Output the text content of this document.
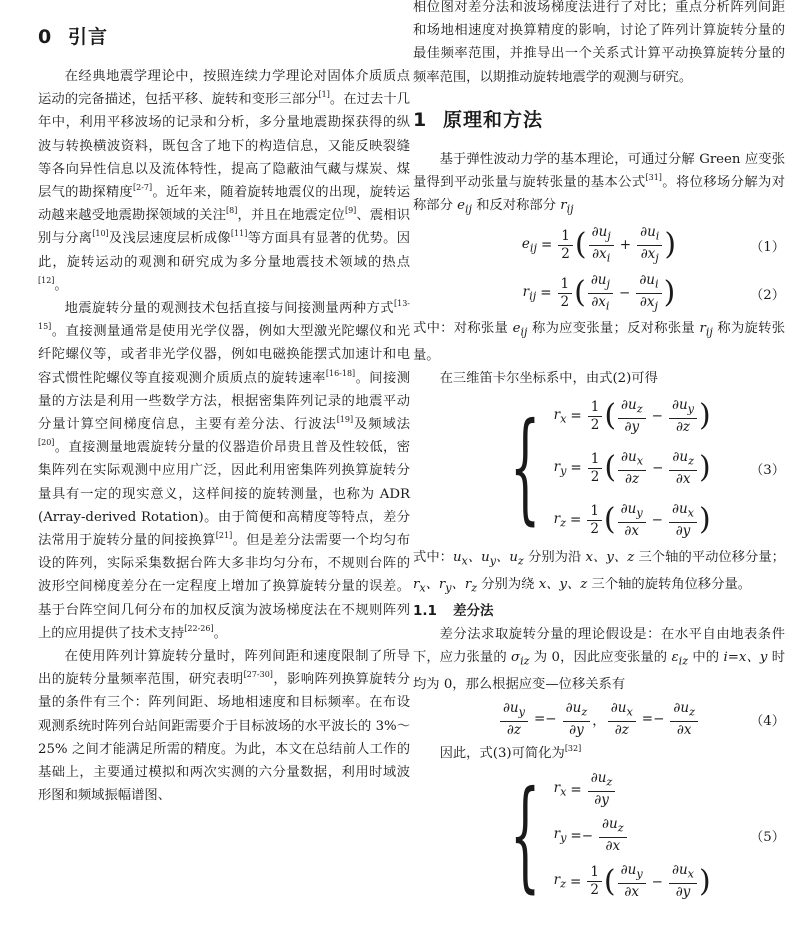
0 引言

在经典地震学理论中，按照连续力学理论对固体介质质点运动的完备描述，包括平移、旋转和变形三部分[1]。在过去十几年中，利用平移波场的记录和分析，多分量地震勘探获得的纵波与转换横波资料，既包含了地下的构造信息，又能反映裂缝等各向异性信息以及流体特性，提高了隐蔽油气藏与煤炭、煤层气的勘探精度[2-7]。近年来，随着旋转地震仪的出现，旋转运动越来越受地震勘探领域的关注[8]，并且在地震定位[9]、震相识别与分离[10]及浅层速度层析成像[11]等方面具有显著的优势。因此，旋转运动的观测和研究成为多分量地震技术领域的热点[12]。

地震旋转分量的观测技术包括直接与间接测量两种方式[13-15]。直接测量通常是使用光学仪器，例如大型激光陀螺仪和光纤陀螺仪等，或者非光学仪器，例如电磁换能摆式加速计和电容式惯性陀螺仪等直接观测介质质点的旋转速率[16-18]。间接测量的方法是利用一些数学方法，根据密集阵列记录的地震平动分量计算空间梯度信息，主要有差分法、行波法[19]及频域法[20]。直接测量地震旋转分量的仪器造价昂贵且普及性较低，密集阵列在实际观测中应用广泛，因此利用密集阵列换算旋转分量具有一定的现实意义，这样间接的旋转测量，也称为 ADR (Array-derived Rotation)。由于简便和高精度等特点，差分法常用于旋转分量的间接换算[21]。但是差分法需要一个均匀布设的阵列，实际采集数据台阵大多非均匀分布，不规则台阵的波形空间梯度差分在一定程度上增加了换算旋转分量的误差。基于台阵空间几何分布的加权反演为波场梯度法在不规则阵列上的应用提供了技术支持[22-26]。

在使用阵列计算旋转分量时，阵列间距和速度限制了所导出的旋转分量频率范围，研究表明[27-30]，影响阵列换算旋转分量的条件有三个：阵列间距、场地相速度和目标频率。在布设观测系统时阵列台站间距需要介于目标波场的水平波长的 3%～25% 之间才能满足所需的精度。为此，本文在总结前人工作的基础上，主要通过模拟和两次实测的六分量数据，利用时域波形图和频域振幅谱图、

相位图对差分法和波场梯度法进行了对比；重点分析阵列间距和场地相速度对换算精度的影响，讨论了阵列计算旋转分量的最佳频率范围，并推导出一个关系式计算平动换算旋转分量的频率范围，以期推动旋转地震学的观测与研究。

1 原理和方法

基于弹性波动力学的基本理论，可通过分解 Green 应变张量得到平动张量与旋转张量的基本公式[31]。将位移场分解为对称部分 $e_{ij}$ 和反对称部分 $r_{ij}$

$e_{ij} = \frac{1}{2}$ ( $\frac{\partial u_j}{\partial x_i} + \frac{\partial u_i}{\partial x_j}$ )	（1）
$r_{ij} = \frac{1}{2}$ ( $\frac{\partial u_j}{\partial x_i} - \frac{\partial u_i}{\partial x_j}$ )	（2）

式中：对称张量 $e_{ij}$ 称为应变张量；反对称张量 $r_{ij}$ 称为旋转张量。

在三维笛卡尔坐标系中，由式(2)可得

{ $r_x = \frac{1}{2}$ ( $\frac{\partial u_z}{\partial y} - \frac{\partial u_y}{\partial z}$ )
$r_y = \frac{1}{2}$ ( $\frac{\partial u_x}{\partial z} - \frac{\partial u_z}{\partial x}$ )
$r_z = \frac{1}{2}$ ( $\frac{\partial u_y}{\partial x} - \frac{\partial u_x}{\partial y}$ )
（3）

式中：$u_x$、$u_y$、$u_z$ 分别为沿 x、y、z 三个轴的平动位移分量；$r_x$、$r_y$、$r_z$ 分别为绕 x、y、z 三个轴的旋转角位移分量。

1.1 差分法

差分法求取旋转分量的理论假设是：在水平自由地表条件下，应力张量的 $\sigma_{iz}$ 为 0，因此应变张量的 $\varepsilon_{iz}$ 中的 i=x、y 时均为 0，那么根据应变—位移关系有

$\frac{\partial u_y}{\partial z} =- \frac{\partial u_z}{\partial y}$ ， $\frac{\partial u_x}{\partial z} =- \frac{\partial u_z}{\partial x}$	（4）

因此，式(3)可简化为[32]

{ $r_x = \frac{\partial u_z}{\partial y}$
$r_y =- \frac{\partial u_z}{\partial x}$
$r_z = \frac{1}{2}$ ( $\frac{\partial u_y}{\partial x} - \frac{\partial u_x}{\partial y}$ )
（5）
